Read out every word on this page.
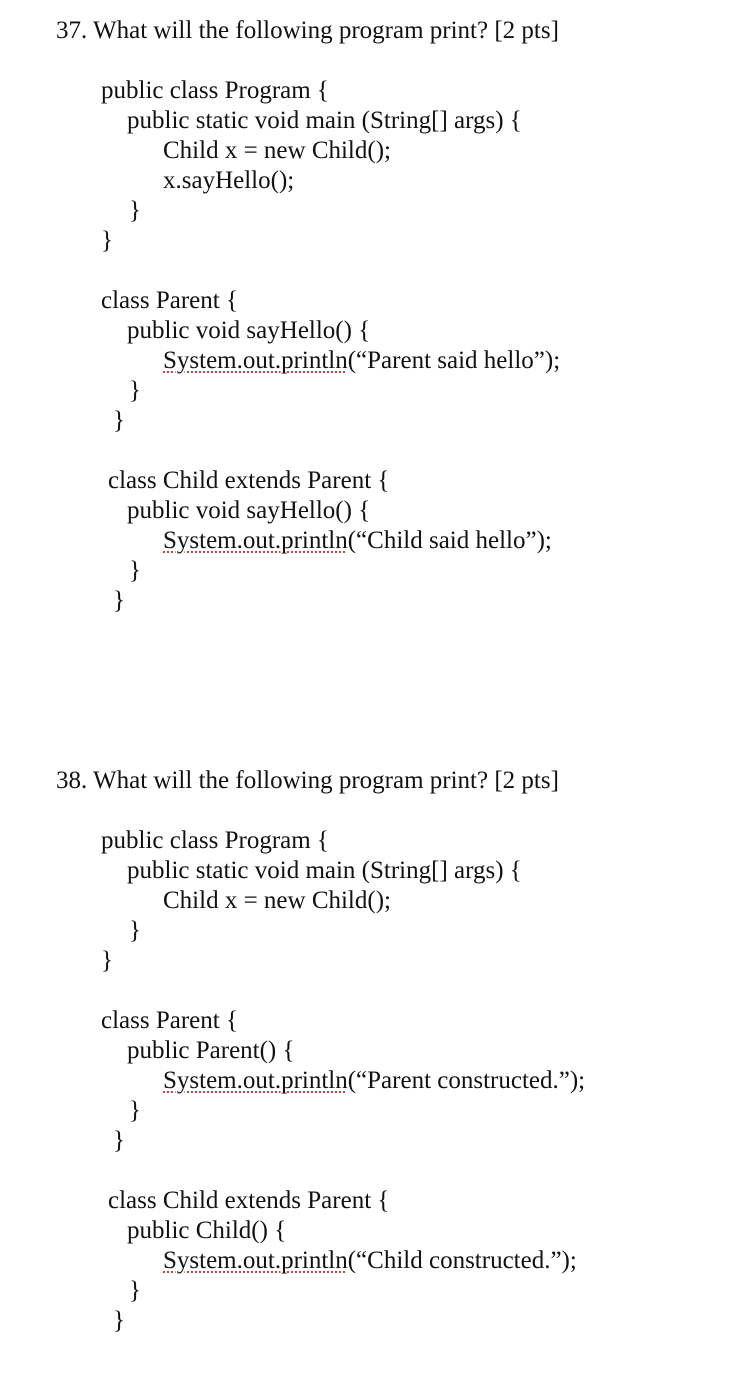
37. What will the following program print? [2 pts]
public class Program {
public static void main (String[] args) {
Child x = new Child();
x.sayHello();
}
}
class Parent {
public void sayHello() {
System.out.println(“Parent said hello”);
}
}
class Child extends Parent {
public void sayHello() {
System.out.println(“Child said hello”);
}
}
38. What will the following program print? [2 pts]
public class Program {
public static void main (String[] args) {
Child x = new Child();
}
}
class Parent {
public Parent() {
System.out.println(“Parent constructed.”);
}
}
class Child extends Parent {
public Child() {
System.out.println(“Child constructed.”);
}
}
